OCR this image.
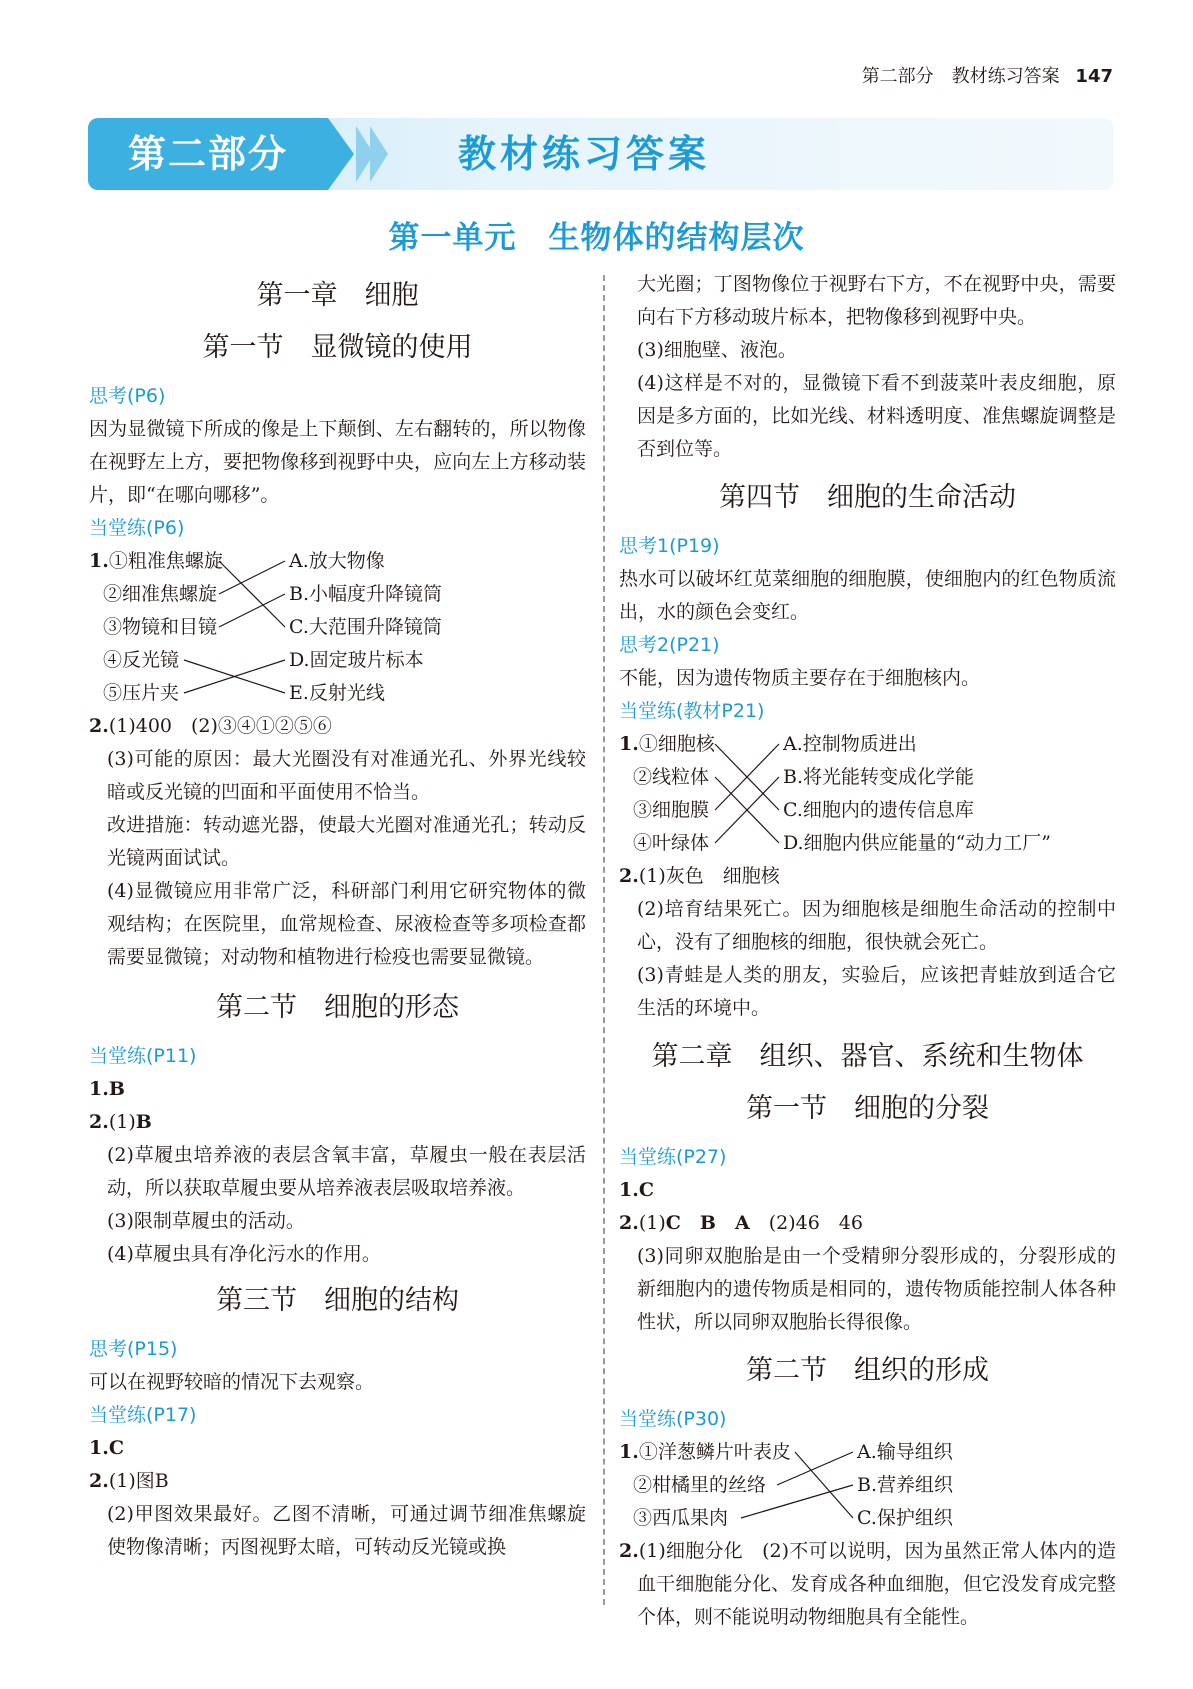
第二部分　教材练习答案 147
第二部分	教材练习答案
第一单元　生物体的结构层次
第一章　细胞
第一节　显微镜的使用
思考(P6)
因为显微镜下所成的像是上下颠倒、左右翻转的，所以物像在视野左上方，要把物像移到视野中央，应向左上方移动装片，即“在哪向哪移”。
当堂练(P6)
1.①粗准焦螺旋	A.放大物像
②细准焦螺旋	B.小幅度升降镜筒
③物镜和目镜	C.大范围升降镜筒
④反光镜	D.固定玻片标本
⑤压片夹	E.反射光线
2.(1)400　(2)③④①②⑤⑥
(3)可能的原因：最大光圈没有对准通光孔、外界光线较暗或反光镜的凹面和平面使用不恰当。
改进措施：转动遮光器，使最大光圈对准通光孔；转动反光镜两面试试。
(4)显微镜应用非常广泛，科研部门利用它研究物体的微观结构；在医院里，血常规检查、尿液检查等多项检查都需要显微镜；对动物和植物进行检疫也需要显微镜。
第二节　细胞的形态
当堂练(P11)
1.B
2.(1)B
(2)草履虫培养液的表层含氧丰富，草履虫一般在表层活动，所以获取草履虫要从培养液表层吸取培养液。
(3)限制草履虫的活动。
(4)草履虫具有净化污水的作用。
第三节　细胞的结构
思考(P15)
可以在视野较暗的情况下去观察。
当堂练(P17)
1.C
2.(1)图B
(2)甲图效果最好。乙图不清晰，可通过调节细准焦螺旋使物像清晰；丙图视野太暗，可转动反光镜或换
大光圈；丁图物像位于视野右下方，不在视野中央，需要向右下方移动玻片标本，把物像移到视野中央。
(3)细胞壁、液泡。
(4)这样是不对的，显微镜下看不到菠菜叶表皮细胞，原因是多方面的，比如光线、材料透明度、准焦螺旋调整是否到位等。
第四节　细胞的生命活动
思考1(P19)
热水可以破坏红苋菜细胞的细胞膜，使细胞内的红色物质流出，水的颜色会变红。
思考2(P21)
不能，因为遗传物质主要存在于细胞核内。
当堂练(教材P21)
1.①细胞核	A.控制物质进出
②线粒体	B.将光能转变成化学能
③细胞膜	C.细胞内的遗传信息库
④叶绿体	D.细胞内供应能量的“动力工厂”
2.(1)灰色　细胞核
(2)培育结果死亡。因为细胞核是细胞生命活动的控制中心，没有了细胞核的细胞，很快就会死亡。
(3)青蛙是人类的朋友，实验后，应该把青蛙放到适合它生活的环境中。
第二章　组织、器官、系统和生物体
第一节　细胞的分裂
当堂练(P27)
1.C
2.(1)C　B　A　(2)46　46
(3)同卵双胞胎是由一个受精卵分裂形成的，分裂形成的新细胞内的遗传物质是相同的，遗传物质能控制人体各种性状，所以同卵双胞胎长得很像。
第二节　组织的形成
当堂练(P30)
1.①洋葱鳞片叶表皮	A.输导组织
②柑橘里的丝络	B.营养组织
③西瓜果肉	C.保护组织
2.(1)细胞分化　(2)不可以说明，因为虽然正常人体内的造血干细胞能分化、发育成各种血细胞，但它没发育成完整个体，则不能说明动物细胞具有全能性。
